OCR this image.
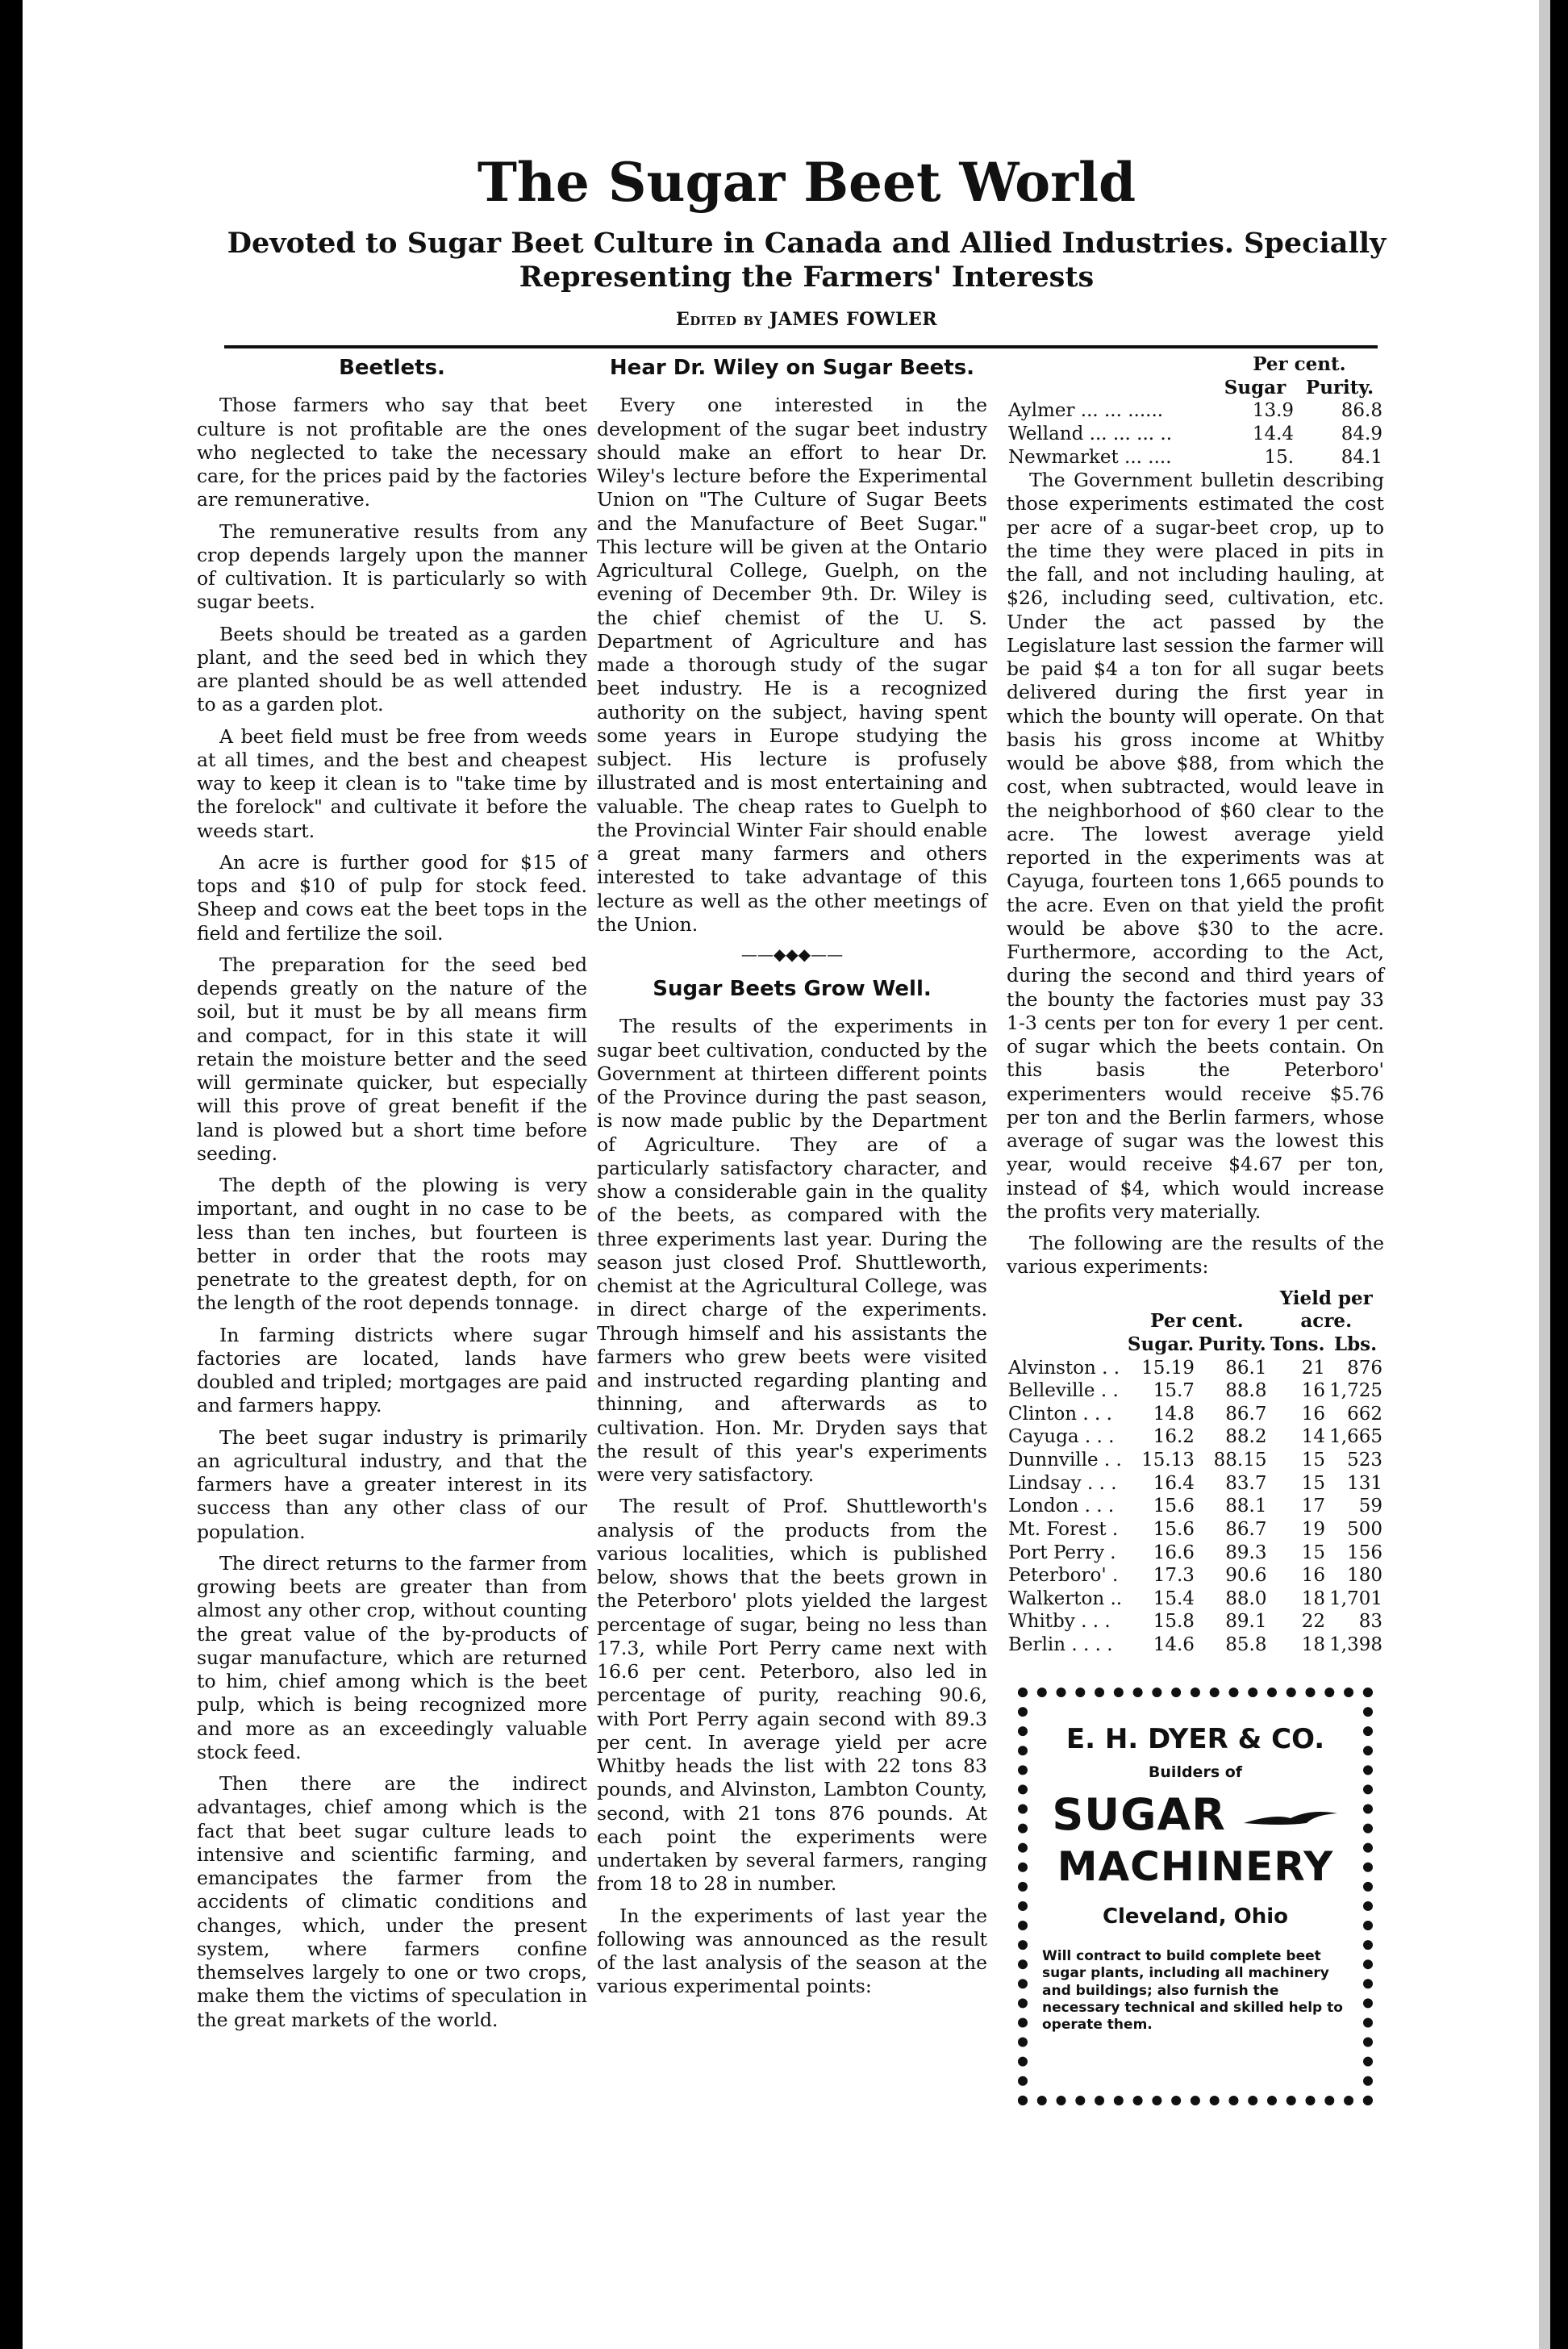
The Sugar Beet World
Devoted to Sugar Beet Culture in Canada and Allied Industries. Specially
Representing the Farmers' Interests
Edited by JAMES FOWLER
Beetlets.

Those farmers who say that beet culture is not profitable are the ones who neglected to take the necessary care, for the prices paid by the factories are remunerative.

The remunerative results from any crop depends largely upon the manner of cultivation. It is particularly so with sugar beets.

Beets should be treated as a garden plant, and the seed bed in which they are planted should be as well attended to as a garden plot.

A beet field must be free from weeds at all times, and the best and cheapest way to keep it clean is to "take time by the forelock" and cultivate it before the weeds start.

An acre is further good for $15 of tops and $10 of pulp for stock feed. Sheep and cows eat the beet tops in the field and fertilize the soil.

The preparation for the seed bed depends greatly on the nature of the soil, but it must be by all means firm and compact, for in this state it will retain the moisture better and the seed will germinate quicker, but especially will this prove of great benefit if the land is plowed but a short time before seeding.

The depth of the plowing is very important, and ought in no case to be less than ten inches, but fourteen is better in order that the roots may penetrate to the greatest depth, for on the length of the root depends tonnage.

In farming districts where sugar factories are located, lands have doubled and tripled; mortgages are paid and farmers happy.

The beet sugar industry is primarily an agricultural industry, and that the farmers have a greater interest in its success than any other class of our population.

The direct returns to the farmer from growing beets are greater than from almost any other crop, without counting the great value of the by-products of sugar manufacture, which are returned to him, chief among which is the beet pulp, which is being recognized more and more as an exceedingly valuable stock feed.

Then there are the indirect advantages, chief among which is the fact that beet sugar culture leads to intensive and scientific farming, and emancipates the farmer from the accidents of climatic conditions and changes, which, under the present system, where farmers confine themselves largely to one or two crops, make them the victims of speculation in the great markets of the world.

Hear Dr. Wiley on Sugar Beets.

Every one interested in the development of the sugar beet industry should make an effort to hear Dr. Wiley's lecture before the Experimental Union on "The Culture of Sugar Beets and the Manufacture of Beet Sugar." This lecture will be given at the Ontario Agricultural College, Guelph, on the evening of December 9th. Dr. Wiley is the chief chemist of the U. S. Department of Agriculture and has made a thorough study of the sugar beet industry. He is a recognized authority on the subject, having spent some years in Europe studying the subject. His lecture is profusely illustrated and is most entertaining and valuable. The cheap rates to Guelph to the Provincial Winter Fair should enable a great many farmers and others interested to take advantage of this lecture as well as the other meetings of the Union.

——◆◆◆——
Sugar Beets Grow Well.

The results of the experiments in sugar beet cultivation, conducted by the Government at thirteen different points of the Province during the past season, is now made public by the Department of Agriculture. They are of a particularly satisfactory character, and show a considerable gain in the quality of the beets, as compared with the three experiments last year. During the season just closed Prof. Shuttleworth, chemist at the Agricultural College, was in direct charge of the experiments. Through himself and his assistants the farmers who grew beets were visited and instructed regarding planting and thinning, and afterwards as to cultivation. Hon. Mr. Dryden says that the result of this year's experiments were very satisfactory.

The result of Prof. Shuttleworth's analysis of the products from the various localities, which is published below, shows that the beets grown in the Peterboro' plots yielded the largest percentage of sugar, being no less than 17.3, while Port Perry came next with 16.6 per cent. Peterboro, also led in percentage of purity, reaching 90.6, with Port Perry again second with 89.3 per cent. In average yield per acre Whitby heads the list with 22 tons 83 pounds, and Alvinston, Lambton County, second, with 21 tons 876 pounds. At each point the experiments were undertaken by several farmers, ranging from 18 to 28 in number.

In the experiments of last year the following was announced as the result of the last analysis of the season at the various experimental points:

	Per cent.	
	Sugar	Purity.
Aylmer ... ... ......	13.9	86.8
Welland ... ... ... ..	14.4	84.9
Newmarket ... ....	15.	84.1

The Government bulletin describing those experiments estimated the cost per acre of a sugar-beet crop, up to the time they were placed in pits in the fall, and not including hauling, at $26, including seed, cultivation, etc. Under the act passed by the Legislature last session the farmer will be paid $4 a ton for all sugar beets delivered during the first year in which the bounty will operate. On that basis his gross income at Whitby would be above $88, from which the cost, when subtracted, would leave in the neighborhood of $60 clear to the acre. The lowest average yield reported in the experiments was at Cayuga, fourteen tons 1,665 pounds to the acre. Even on that yield the profit would be above $30 to the acre. Furthermore, according to the Act, during the second and third years of the bounty the factories must pay 33 1-3 cents per ton for every 1 per cent. of sugar which the beets contain. On this basis the Peterboro' experimenters would receive $5.76 per ton and the Berlin farmers, whose average of sugar was the lowest this year, would receive $4.67 per ton, instead of $4, which would increase the profits very materially.

The following are the results of the various experiments:

			Yield per	
	Per cent.		acre.	
	Sugar.	Purity.	Tons.	Lbs.
Alvinston . .	15.19	86.1	21	876
Belleville . .	15.7	88.8	16	1,725
Clinton . . .	14.8	86.7	16	662
Cayuga . . .	16.2	88.2	14	1,665
Dunnville . .	15.13	88.15	15	523
Lindsay . . .	16.4	83.7	15	131
London . . .	15.6	88.1	17	59
Mt. Forest .	15.6	86.7	19	500
Port Perry .	16.6	89.3	15	156
Peterboro' .	17.3	90.6	16	180
Walkerton ..	15.4	88.0	18	1,701
Whitby . . .	15.8	89.1	22	83
Berlin . . . .	14.6	85.8	18	1,398
E. H. DYER & CO.
Builders of
SUGAR
MACHINERY
Cleveland, Ohio
Will contract to build complete beet sugar plants, including all machinery and buildings; also furnish the necessary technical and skilled help to operate them.
